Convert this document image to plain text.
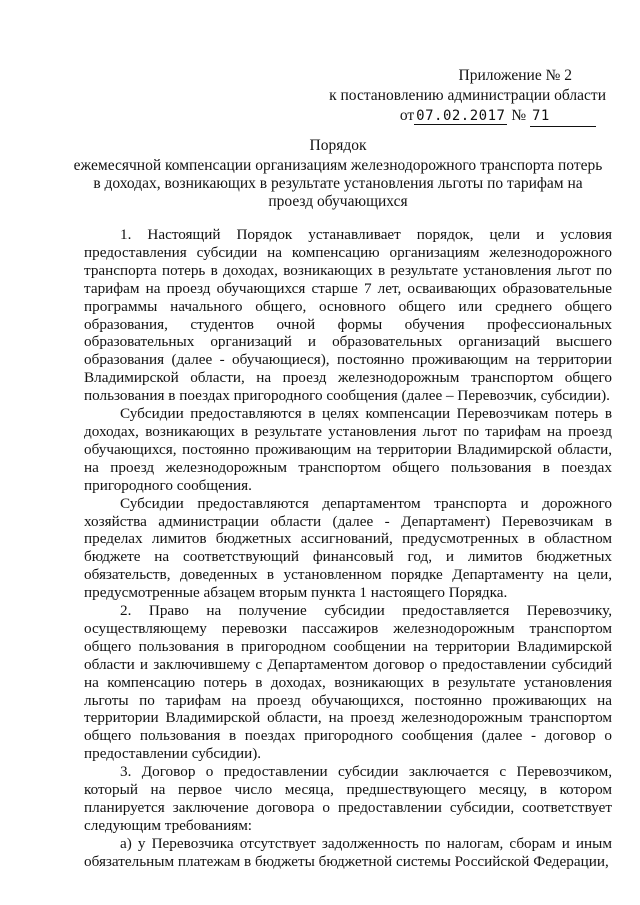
Приложение № 2
к постановлению администрации области
от 07.02.2017 № 71
Порядок
ежемесячной компенсации организациям железнодорожного транспорта потерь в доходах, возникающих в результате установления льготы по тарифам на проезд обучающихся

1. Настоящий Порядок устанавливает порядок, цели и условия предоставления субсидии на компенсацию организациям железнодорожного транспорта потерь в доходах, возникающих в результате установления льгот по тарифам на проезд обучающихся старше 7 лет, осваивающих образовательные программы начального общего, основного общего или среднего общего образования, студентов очной формы обучения профессиональных образовательных организаций и образовательных организаций высшего образования (далее - обучающиеся), постоянно проживающим на территории Владимирской области, на проезд железнодорожным транспортом общего пользования в поездах пригородного сообщения (далее – Перевозчик, субсидии).

Субсидии предоставляются в целях компенсации Перевозчикам потерь в доходах, возникающих в результате установления льгот по тарифам на проезд обучающихся, постоянно проживающим на территории Владимирской области, на проезд железнодорожным транспортом общего пользования в поездах пригородного сообщения.

Субсидии предоставляются департаментом транспорта и дорожного хозяйства администрации области (далее - Департамент) Перевозчикам в пределах лимитов бюджетных ассигнований, предусмотренных в областном бюджете на соответствующий финансовый год, и лимитов бюджетных обязательств, доведенных в установленном порядке Департаменту на цели, предусмотренные абзацем вторым пункта 1 настоящего Порядка.

2. Право на получение субсидии предоставляется Перевозчику, осуществляющему перевозки пассажиров железнодорожным транспортом общего пользования в пригородном сообщении на территории Владимирской области и заключившему с Департаментом договор о предоставлении субсидий на компенсацию потерь в доходах, возникающих в результате установления льготы по тарифам на проезд обучающихся, постоянно проживающих на территории Владимирской области, на проезд железнодорожным транспортом общего пользования в поездах пригородного сообщения (далее - договор о предоставлении субсидии).

3. Договор о предоставлении субсидии заключается с Перевозчиком, который на первое число месяца, предшествующего месяцу, в котором планируется заключение договора о предоставлении субсидии, соответствует следующим требованиям:

а) у Перевозчика отсутствует задолженность по налогам, сборам и иным обязательным платежам в бюджеты бюджетной системы Российской Федерации,
